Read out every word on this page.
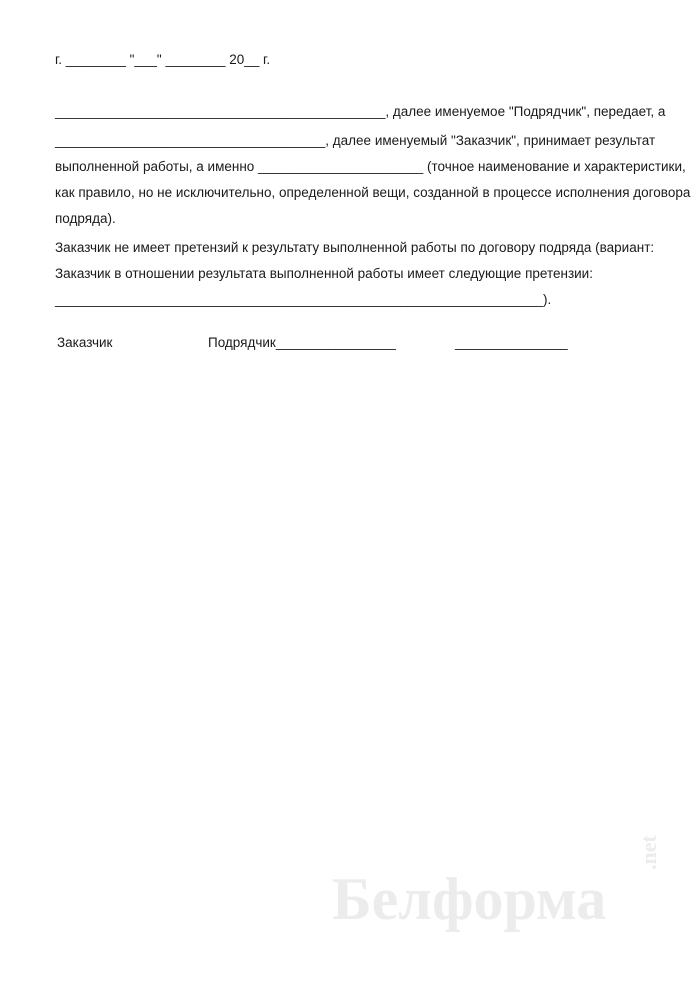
г. ________ "___" ________ 20__ г.
____________________________________________, далее именуемое "Подрядчик", передает, а
____________________________________, далее именуемый "Заказчик", принимает результат
выполненной работы, а именно ______________________ (точное наименование и характеристики,
как правило, но не исключительно, определенной вещи, созданной в процессе исполнения договора
подряда).
Заказчик не имеет претензий к результату выполненной работы по договору подряда (вариант:
Заказчик в отношении результата выполненной работы имеет следующие претензии:
_________________________________________________________________).
Заказчик	Подрядчик________________	_______________
Белформа
.net
